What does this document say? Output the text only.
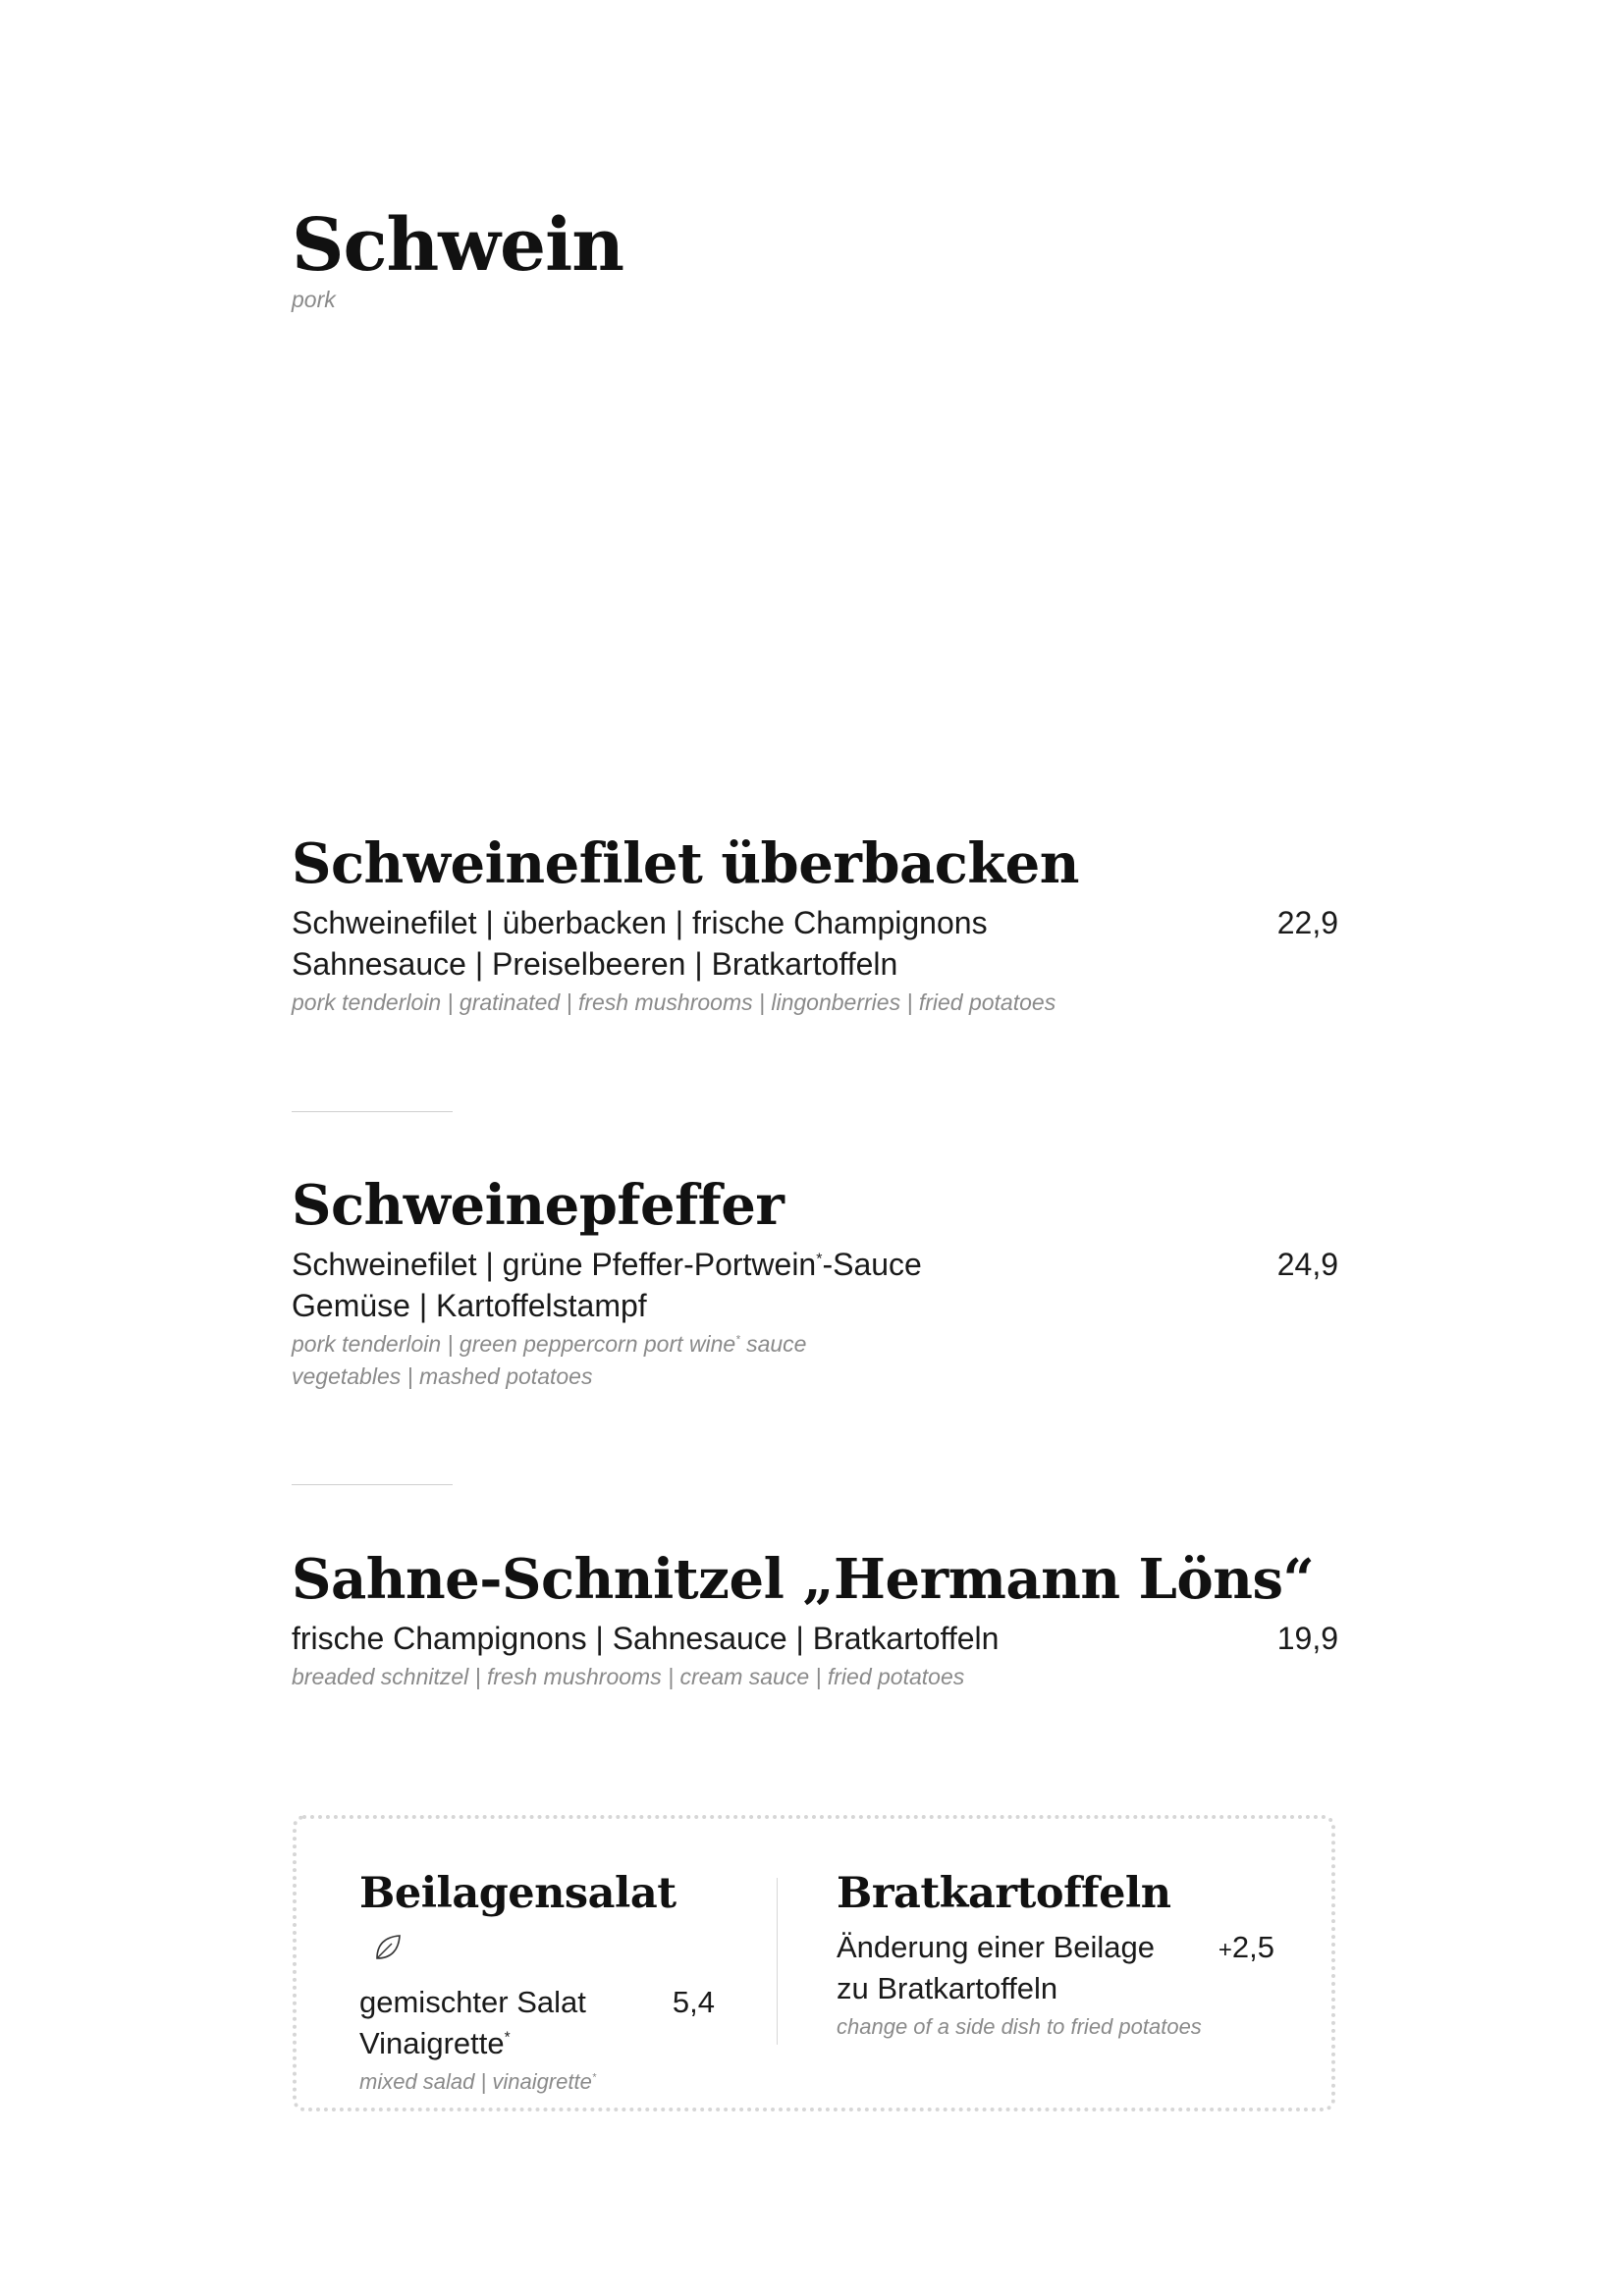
Schwein
pork
Schweinefilet überbacken
Schweinefilet | überbacken | frische Champignons
Sahnesauce | Preiselbeeren | Bratkartoffeln
22,9
pork tenderloin | gratinated | fresh mushrooms | lingonberries | fried potatoes
Schweinepfeffer
Schweinefilet | grüne Pfeffer-Portwein*-Sauce
Gemüse | Kartoffelstampf
24,9
pork tenderloin | green peppercorn port wine* sauce
vegetables | mashed potatoes
Sahne-Schnitzel „Hermann Löns“
frische Champignons | Sahnesauce | Bratkartoffeln	19,9
breaded schnitzel | fresh mushrooms | cream sauce | fried potatoes
Beilagensalat
gemischter Salat
Vinaigrette*
5,4
mixed salad | vinaigrette*
Bratkartoffeln
Änderung einer Beilage
zu Bratkartoffeln
+2,5
change of a side dish to fried potatoes
